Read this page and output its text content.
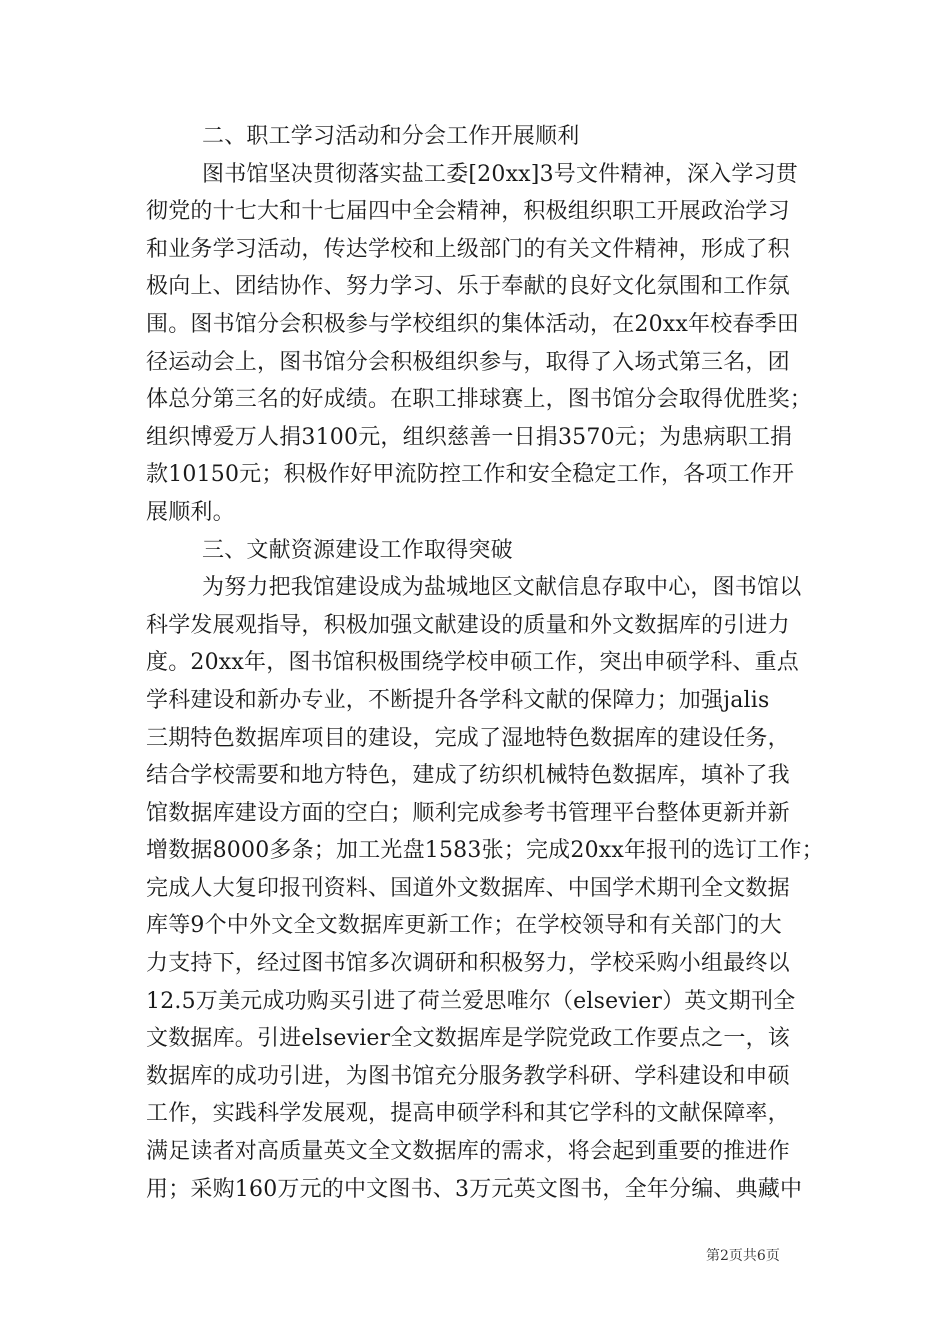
二、职工学习活动和分会工作开展顺利
图书馆坚决贯彻落实盐工委[20xx]3号文件精神，深入学习贯
彻党的十七大和十七届四中全会精神，积极组织职工开展政治学习
和业务学习活动，传达学校和上级部门的有关文件精神，形成了积
极向上、团结协作、努力学习、乐于奉献的良好文化氛围和工作氛
围。图书馆分会积极参与学校组织的集体活动，在20xx年校春季田
径运动会上，图书馆分会积极组织参与，取得了入场式第三名，团
体总分第三名的好成绩。在职工排球赛上，图书馆分会取得优胜奖；
组织博爱万人捐3100元，组织慈善一日捐3570元；为患病职工捐
款10150元；积极作好甲流防控工作和安全稳定工作，各项工作开
展顺利。
三、文献资源建设工作取得突破
为努力把我馆建设成为盐城地区文献信息存取中心，图书馆以
科学发展观指导，积极加强文献建设的质量和外文数据库的引进力
度。20xx年，图书馆积极围绕学校申硕工作，突出申硕学科、重点
学科建设和新办专业，不断提升各学科文献的保障力；加强jalis
三期特色数据库项目的建设，完成了湿地特色数据库的建设任务，
结合学校需要和地方特色，建成了纺织机械特色数据库，填补了我
馆数据库建设方面的空白；顺利完成参考书管理平台整体更新并新
增数据8000多条；加工光盘1583张；完成20xx年报刊的选订工作；
完成人大复印报刊资料、国道外文数据库、中国学术期刊全文数据
库等9个中外文全文数据库更新工作；在学校领导和有关部门的大
力支持下，经过图书馆多次调研和积极努力，学校采购小组最终以
12.5万美元成功购买引进了荷兰爱思唯尔（elsevier）英文期刊全
文数据库。引进elsevier全文数据库是学院党政工作要点之一，该
数据库的成功引进，为图书馆充分服务教学科研、学科建设和申硕
工作，实践科学发展观，提高申硕学科和其它学科的文献保障率，
满足读者对高质量英文全文数据库的需求，将会起到重要的推进作
用；采购160万元的中文图书、3万元英文图书，全年分编、典藏中
第2页共6页
